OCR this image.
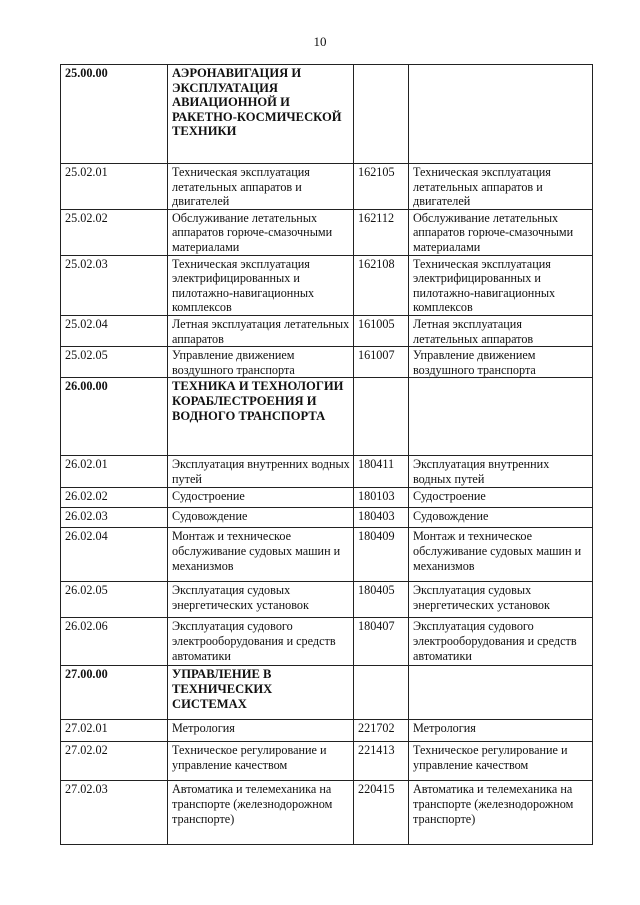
10
25.00.00	АЭРОНАВИГАЦИЯ И ЭКСПЛУАТАЦИЯ АВИАЦИОННОЙ И РАКЕТНО-КОСМИЧЕСКОЙ ТЕХНИКИ		
25.02.01	Техническая эксплуатация летательных аппаратов и двигателей	162105	Техническая эксплуатация летательных аппаратов и двигателей
25.02.02	Обслуживание летательных аппаратов горюче-смазочными материалами	162112	Обслуживание летательных аппаратов горюче-смазочными материалами
25.02.03	Техническая эксплуатация электрифицированных и пилотажно-навигационных комплексов	162108	Техническая эксплуатация электрифицированных и пилотажно-навигационных комплексов
25.02.04	Летная эксплуатация летательных аппаратов	161005	Летная эксплуатация летательных аппаратов
25.02.05	Управление движением воздушного транспорта	161007	Управление движением воздушного транспорта
26.00.00	ТЕХНИКА И ТЕХНОЛОГИИ КОРАБЛЕСТРОЕНИЯ И ВОДНОГО ТРАНСПОРТА		
26.02.01	Эксплуатация внутренних водных путей	180411	Эксплуатация внутренних водных путей
26.02.02	Судостроение	180103	Судостроение
26.02.03	Судовождение	180403	Судовождение
26.02.04	Монтаж и техническое обслуживание судовых машин и механизмов	180409	Монтаж и техническое обслуживание судовых машин и механизмов
26.02.05	Эксплуатация судовых энергетических установок	180405	Эксплуатация судовых энергетических установок
26.02.06	Эксплуатация судового электрооборудования и средств автоматики	180407	Эксплуатация судового электрооборудования и средств автоматики
27.00.00	УПРАВЛЕНИЕ В ТЕХНИЧЕСКИХ СИСТЕМАХ		
27.02.01	Метрология	221702	Метрология
27.02.02	Техническое регулирование и управление качеством	221413	Техническое регулирование и управление качеством
27.02.03	Автоматика и телемеханика на транспорте (железнодорожном транспорте)	220415	Автоматика и телемеханика на транспорте (железнодорожном транспорте)
